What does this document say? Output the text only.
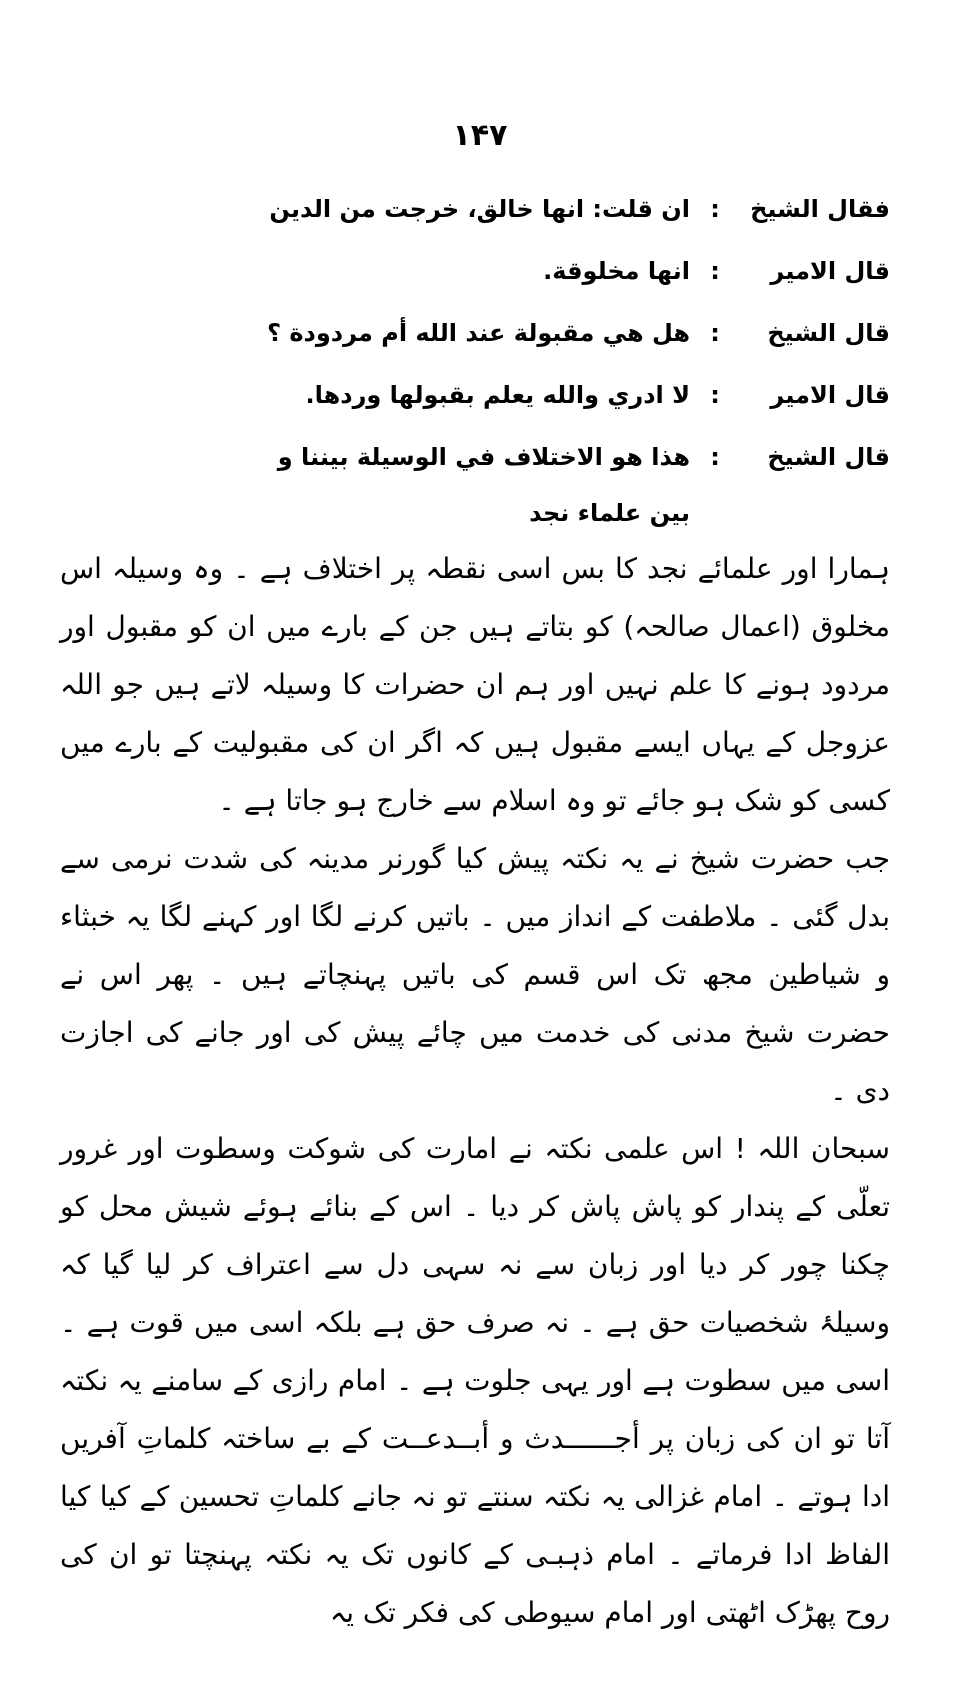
۱۴۷
فقال الشيخ
:
ان قلت: انها خالق، خرجت من الدين
قال الامير
:
انها مخلوقة.
قال الشيخ
:
هل هي مقبولة عند الله أم مردودة ؟
قال الامير
:
لا ادري والله يعلم بقبولها وردها.
قال الشيخ
:
هذا هو الاختلاف في الوسيلة بيننا و
بين علماء نجد

ہمارا اور علمائے نجد کا بس اسی نقطہ پر اختلاف ہے ۔ وہ وسیلہ اس مخلوق (اعمال صالحہ) کو بتاتے ہیں جن کے بارے میں ان کو مقبول اور مردود ہونے کا علم نہیں اور ہم ان حضرات کا وسیلہ لاتے ہیں جو اللہ عزوجل کے یہاں ایسے مقبول ہیں کہ اگر ان کی مقبولیت کے بارے میں کسی کو شک ہو جائے تو وہ اسلام سے خارج ہو جاتا ہے ۔

جب حضرت شیخ نے یہ نکتہ پیش کیا گورنر مدینہ کی شدت نرمی سے بدل گئی ۔ ملاطفت کے انداز میں ۔ باتیں کرنے لگا اور کہنے لگا یہ خبثاء و شیاطین مجھ تک اس قسم کی باتیں پہنچاتے ہیں ۔ پھر اس نے حضرت شیخ مدنی کی خدمت میں چائے پیش کی اور جانے کی اجازت دی ۔

سبحان اللہ ! اس علمی نکتہ نے امارت کی شوکت وسطوت اور غرور تعلّی کے پندار کو پاش پاش کر دیا ۔ اس کے بنائے ہوئے شیش محل کو چکنا چور کر دیا اور زبان سے نہ سہی دل سے اعتراف کر لیا گیا کہ وسیلۂ شخصیات حق ہے ۔ نہ صرف حق ہے بلکہ اسی میں قوت ہے ۔ اسی میں سطوت ہے اور یہی جلوت ہے ۔ امام رازی کے سامنے یہ نکتہ آتا تو ان کی زبان پر أجــــــدث و أبــدعــت کے بے ساختہ کلماتِ آفریں ادا ہوتے ۔ امام غزالی یہ نکتہ سنتے تو نہ جانے کلماتِ تحسین کے کیا کیا الفاظ ادا فرماتے ۔ امام ذہبـی کے کانوں تک یہ نکتہ پہنچتا تو ان کی روح پھڑک اٹھتی اور امام سیوطی کی فکر تک یہ
